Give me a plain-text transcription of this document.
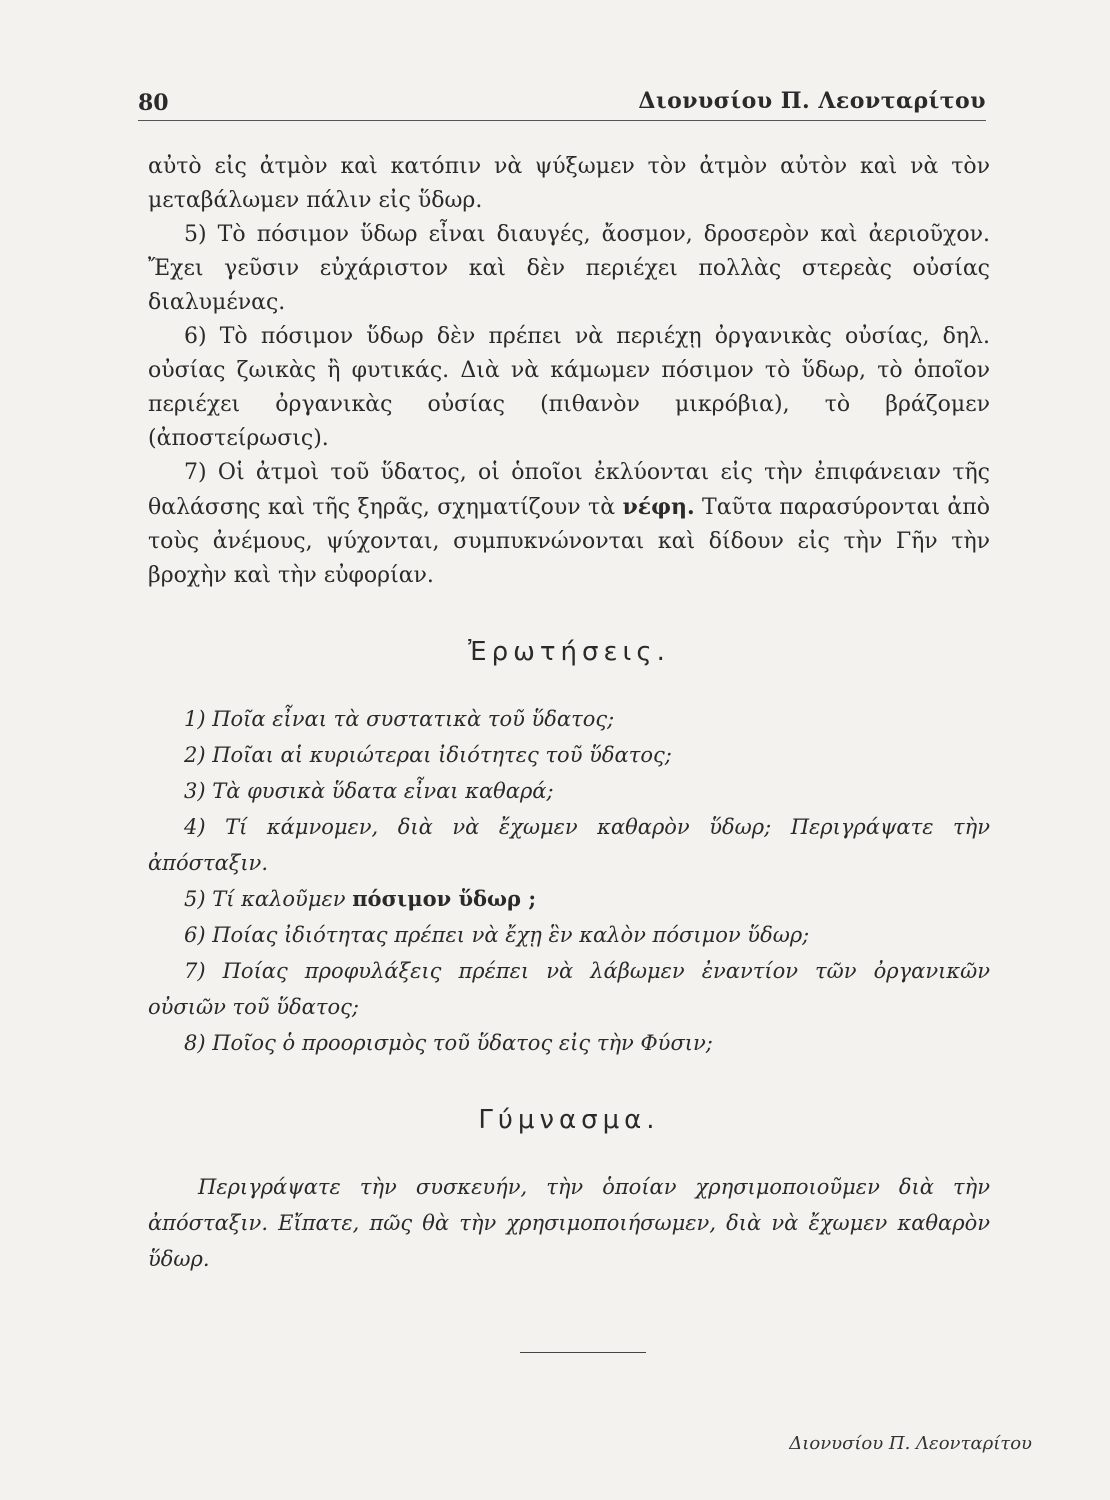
80	Διονυσίου Π. Λεονταρίτου

αὐτὸ εἰς ἀτμὸν καὶ κατόπιν νὰ ψύξωμεν τὸν ἀτμὸν αὐτὸν καὶ νὰ τὸν μεταβάλωμεν πάλιν εἰς ὕδωρ.

5) Τὸ πόσιμον ὕδωρ εἶναι διαυγές, ἄοσμον, δροσερὸν καὶ ἀεριοῦχον. Ἔχει γεῦσιν εὐχάριστον καὶ δὲν περιέχει πολλὰς στερεὰς οὐσίας διαλυμένας.

6) Τὸ πόσιμον ὕδωρ δὲν πρέπει νὰ περιέχῃ ὀργανικὰς οὐσίας, δηλ. οὐσίας ζωικὰς ἢ φυτικάς. Διὰ νὰ κάμωμεν πόσιμον τὸ ὕδωρ, τὸ ὁποῖον περιέχει ὀργανικὰς οὐσίας (πιθανὸν μικρόβια), τὸ βράζομεν (ἀποστείρωσις).

7) Οἱ ἀτμοὶ τοῦ ὕδατος, οἱ ὁποῖοι ἐκλύονται εἰς τὴν ἐπιφάνειαν τῆς θαλάσσης καὶ τῆς ξηρᾶς, σχηματίζουν τὰ νέφη. Ταῦτα παρασύρονται ἀπὸ τοὺς ἀνέμους, ψύχονται, συμπυκνώνονται καὶ δίδουν εἰς τὴν Γῆν τὴν βροχὴν καὶ τὴν εὐφορίαν.

Ἐρωτήσεις.

1) Ποῖα εἶναι τὰ συστατικὰ τοῦ ὕδατος;

2) Ποῖαι αἱ κυριώτεραι ἰδιότητες τοῦ ὕδατος;

3) Τὰ φυσικὰ ὕδατα εἶναι καθαρά;

4) Τί κάμνομεν, διὰ νὰ ἔχωμεν καθαρὸν ὕδωρ; Περιγράψατε τὴν ἀπόσταξιν.

5) Τί καλοῦμεν πόσιμον ὕδωρ ;

6) Ποίας ἰδιότητας πρέπει νὰ ἔχῃ ἓν καλὸν πόσιμον ὕδωρ;

7) Ποίας προφυλάξεις πρέπει νὰ λάβωμεν ἐναντίον τῶν ὀργανικῶν οὐσιῶν τοῦ ὕδατος;

8) Ποῖος ὁ προορισμὸς τοῦ ὕδατος εἰς τὴν Φύσιν;

Γύμνασμα.

Περιγράψατε τὴν συσκευήν, τὴν ὁποίαν χρησιμοποιοῦμεν διὰ τὴν ἀπόσταξιν. Εἴπατε, πῶς θὰ τὴν χρησιμοποιήσωμεν, διὰ νὰ ἔχωμεν καθαρὸν ὕδωρ.

Διονυσίου Π. Λεονταρίτου
